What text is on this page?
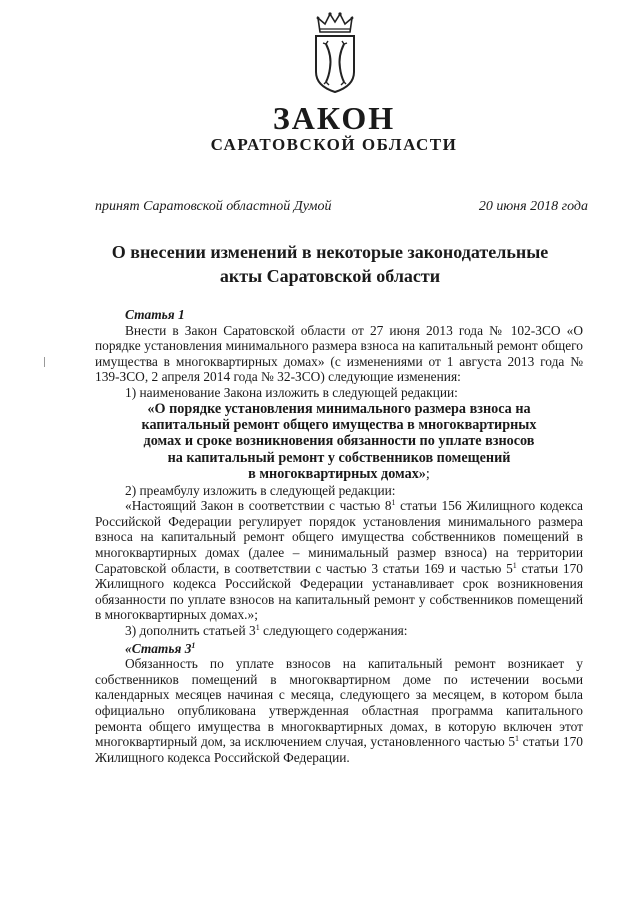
ЗАКОН
САРАТОВСКОЙ ОБЛАСТИ
принят Саратовской областной Думой	20 июня 2018 года
О внесении изменений в некоторые законодательные
акты Саратовской области

Статья 1

Внести в Закон Саратовской области от 27 июня 2013 года № 102-ЗСО «О порядке установления минимального размера взноса на капитальный ремонт общего имущества в многоквартирных домах» (с изменениями от 1 августа 2013 года № 139-ЗСО, 2 апреля 2014 года № 32-ЗСО) следующие изменения:

1) наименование Закона изложить в следующей редакции:

«О порядке установления минимального размера взноса на
капитальный ремонт общего имущества в многоквартирных
домах и сроке возникновения обязанности по уплате взносов
на капитальный ремонт у собственников помещений
в многоквартирных домах»;

2) преамбулу изложить в следующей редакции:

«Настоящий Закон в соответствии с частью $8^1$ статьи 156 Жилищного кодекса Российской Федерации регулирует порядок установления минимального размера взноса на капитальный ремонт общего имущества собственников помещений в многоквартирных домах (далее – минимальный размер взноса) на территории Саратовской области, в соответствии с частью 3 статьи 169 и частью $5^1$ статьи 170 Жилищного кодекса Российской Федерации устанавливает срок возникновения обязанности по уплате взносов на капитальный ремонт у собственников помещений в многоквартирных домах.»;

3) дополнить статьей $3^1$ следующего содержания:

«Статья $3^1$

Обязанность по уплате взносов на капитальный ремонт возникает у собственников помещений в многоквартирном доме по истечении восьми календарных месяцев начиная с месяца, следующего за месяцем, в котором была официально опубликована утвержденная областная программа капитального ремонта общего имущества в многоквартирных домах, в которую включен этот многоквартирный дом, за исключением случая, установленного частью $5^1$ статьи 170 Жилищного кодекса Российской Федерации.
